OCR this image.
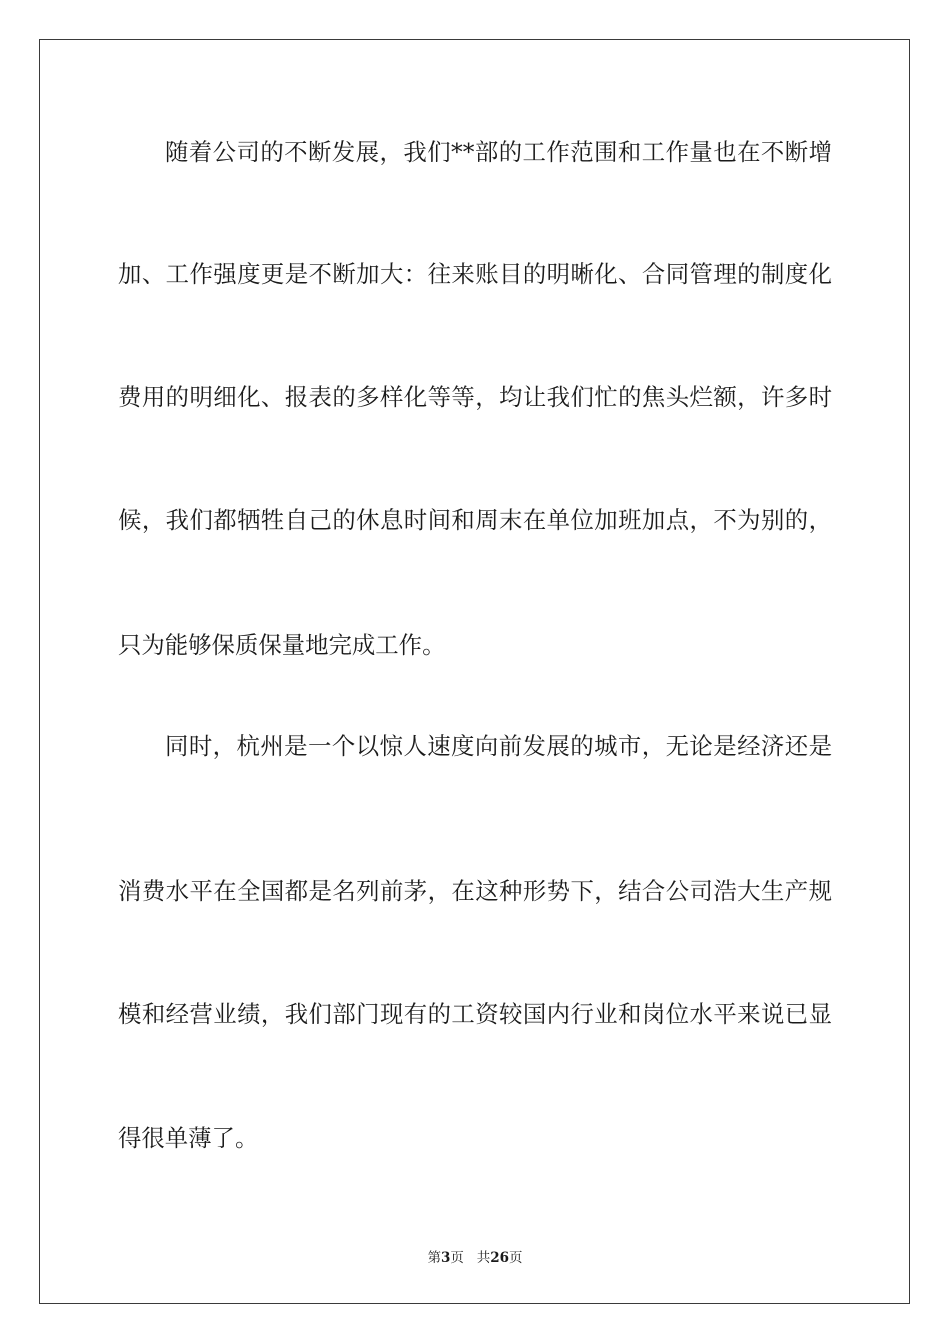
随着公司的不断发展，我们**部的工作范围和工作量也在不断增
加、工作强度更是不断加大：往来账目的明晰化、合同管理的制度化
费用的明细化、报表的多样化等等，均让我们忙的焦头烂额，许多时
候，我们都牺牲自己的休息时间和周末在单位加班加点，不为别的，
只为能够保质保量地完成工作。
同时，杭州是一个以惊人速度向前发展的城市，无论是经济还是
消费水平在全国都是名列前茅，在这种形势下，结合公司浩大生产规
模和经营业绩，我们部门现有的工资较国内行业和岗位水平来说已显
得很单薄了。
第3页 共26页
